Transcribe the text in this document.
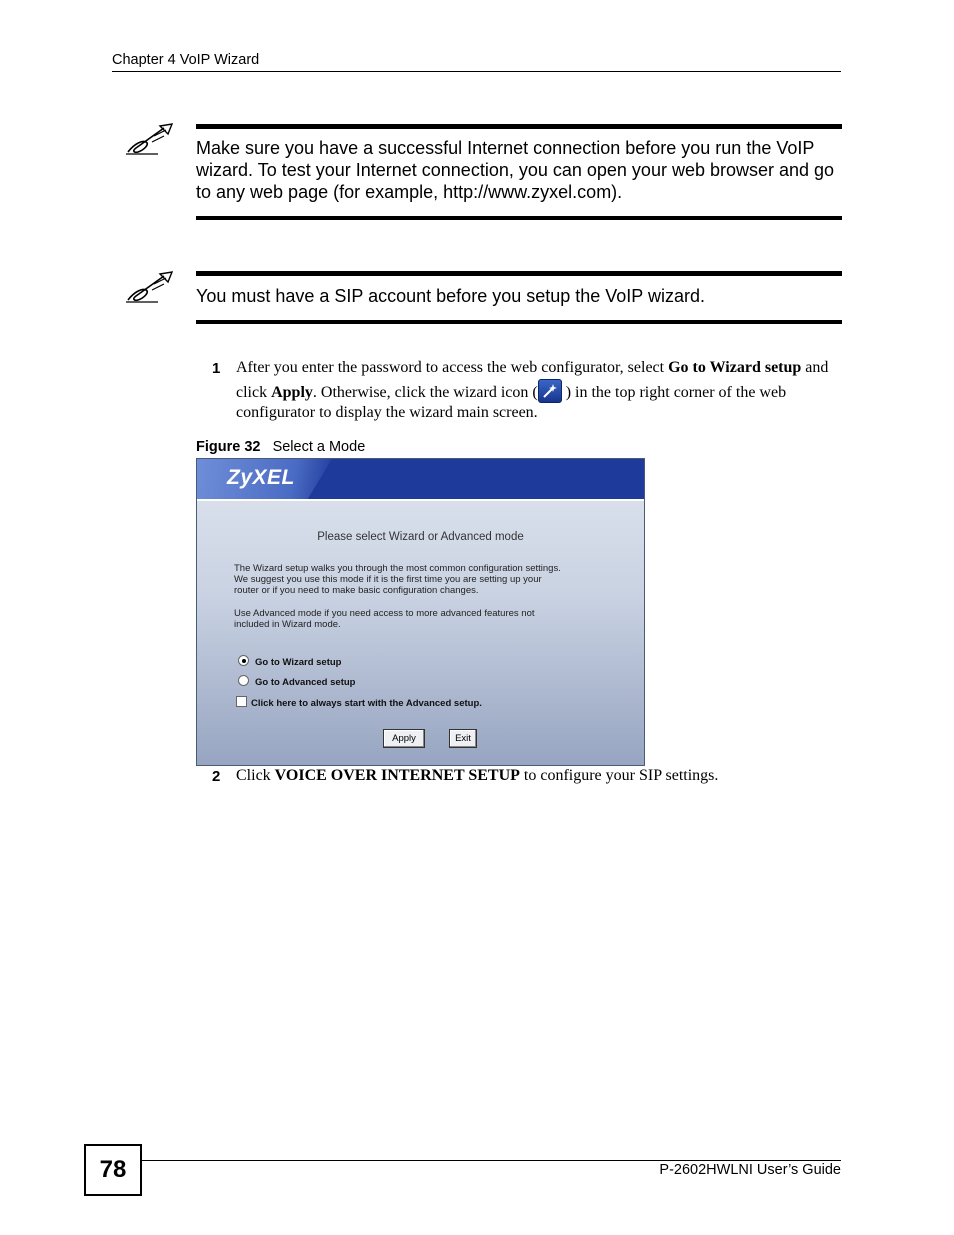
Chapter 4 VoIP Wizard
Make sure you have a successful Internet connection before you run the VoIP wizard. To test your Internet connection, you can open your web browser and go to any web page (for example, http://www.zyxel.com).
You must have a SIP account before you setup the VoIP wizard.
1 After you enter the password to access the web configurator, select Go to Wizard setup and click Apply. Otherwise, click the wizard icon ( ) in the top right corner of the web configurator to display the wizard main screen.
Figure 32 Select a Mode
ZyXEL
Please select Wizard or Advanced mode
The Wizard setup walks you through the most common configuration settings.
We suggest you use this mode if it is the first time you are setting up your
router or if you need to make basic configuration changes.
Use Advanced mode if you need access to more advanced features not
included in Wizard mode.
Go to Wizard setup
Go to Advanced setup
Click here to always start with the Advanced setup.
Apply	Exit
2 Click VOICE OVER INTERNET SETUP to configure your SIP settings.
78	P-2602HWLNI User’s Guide
